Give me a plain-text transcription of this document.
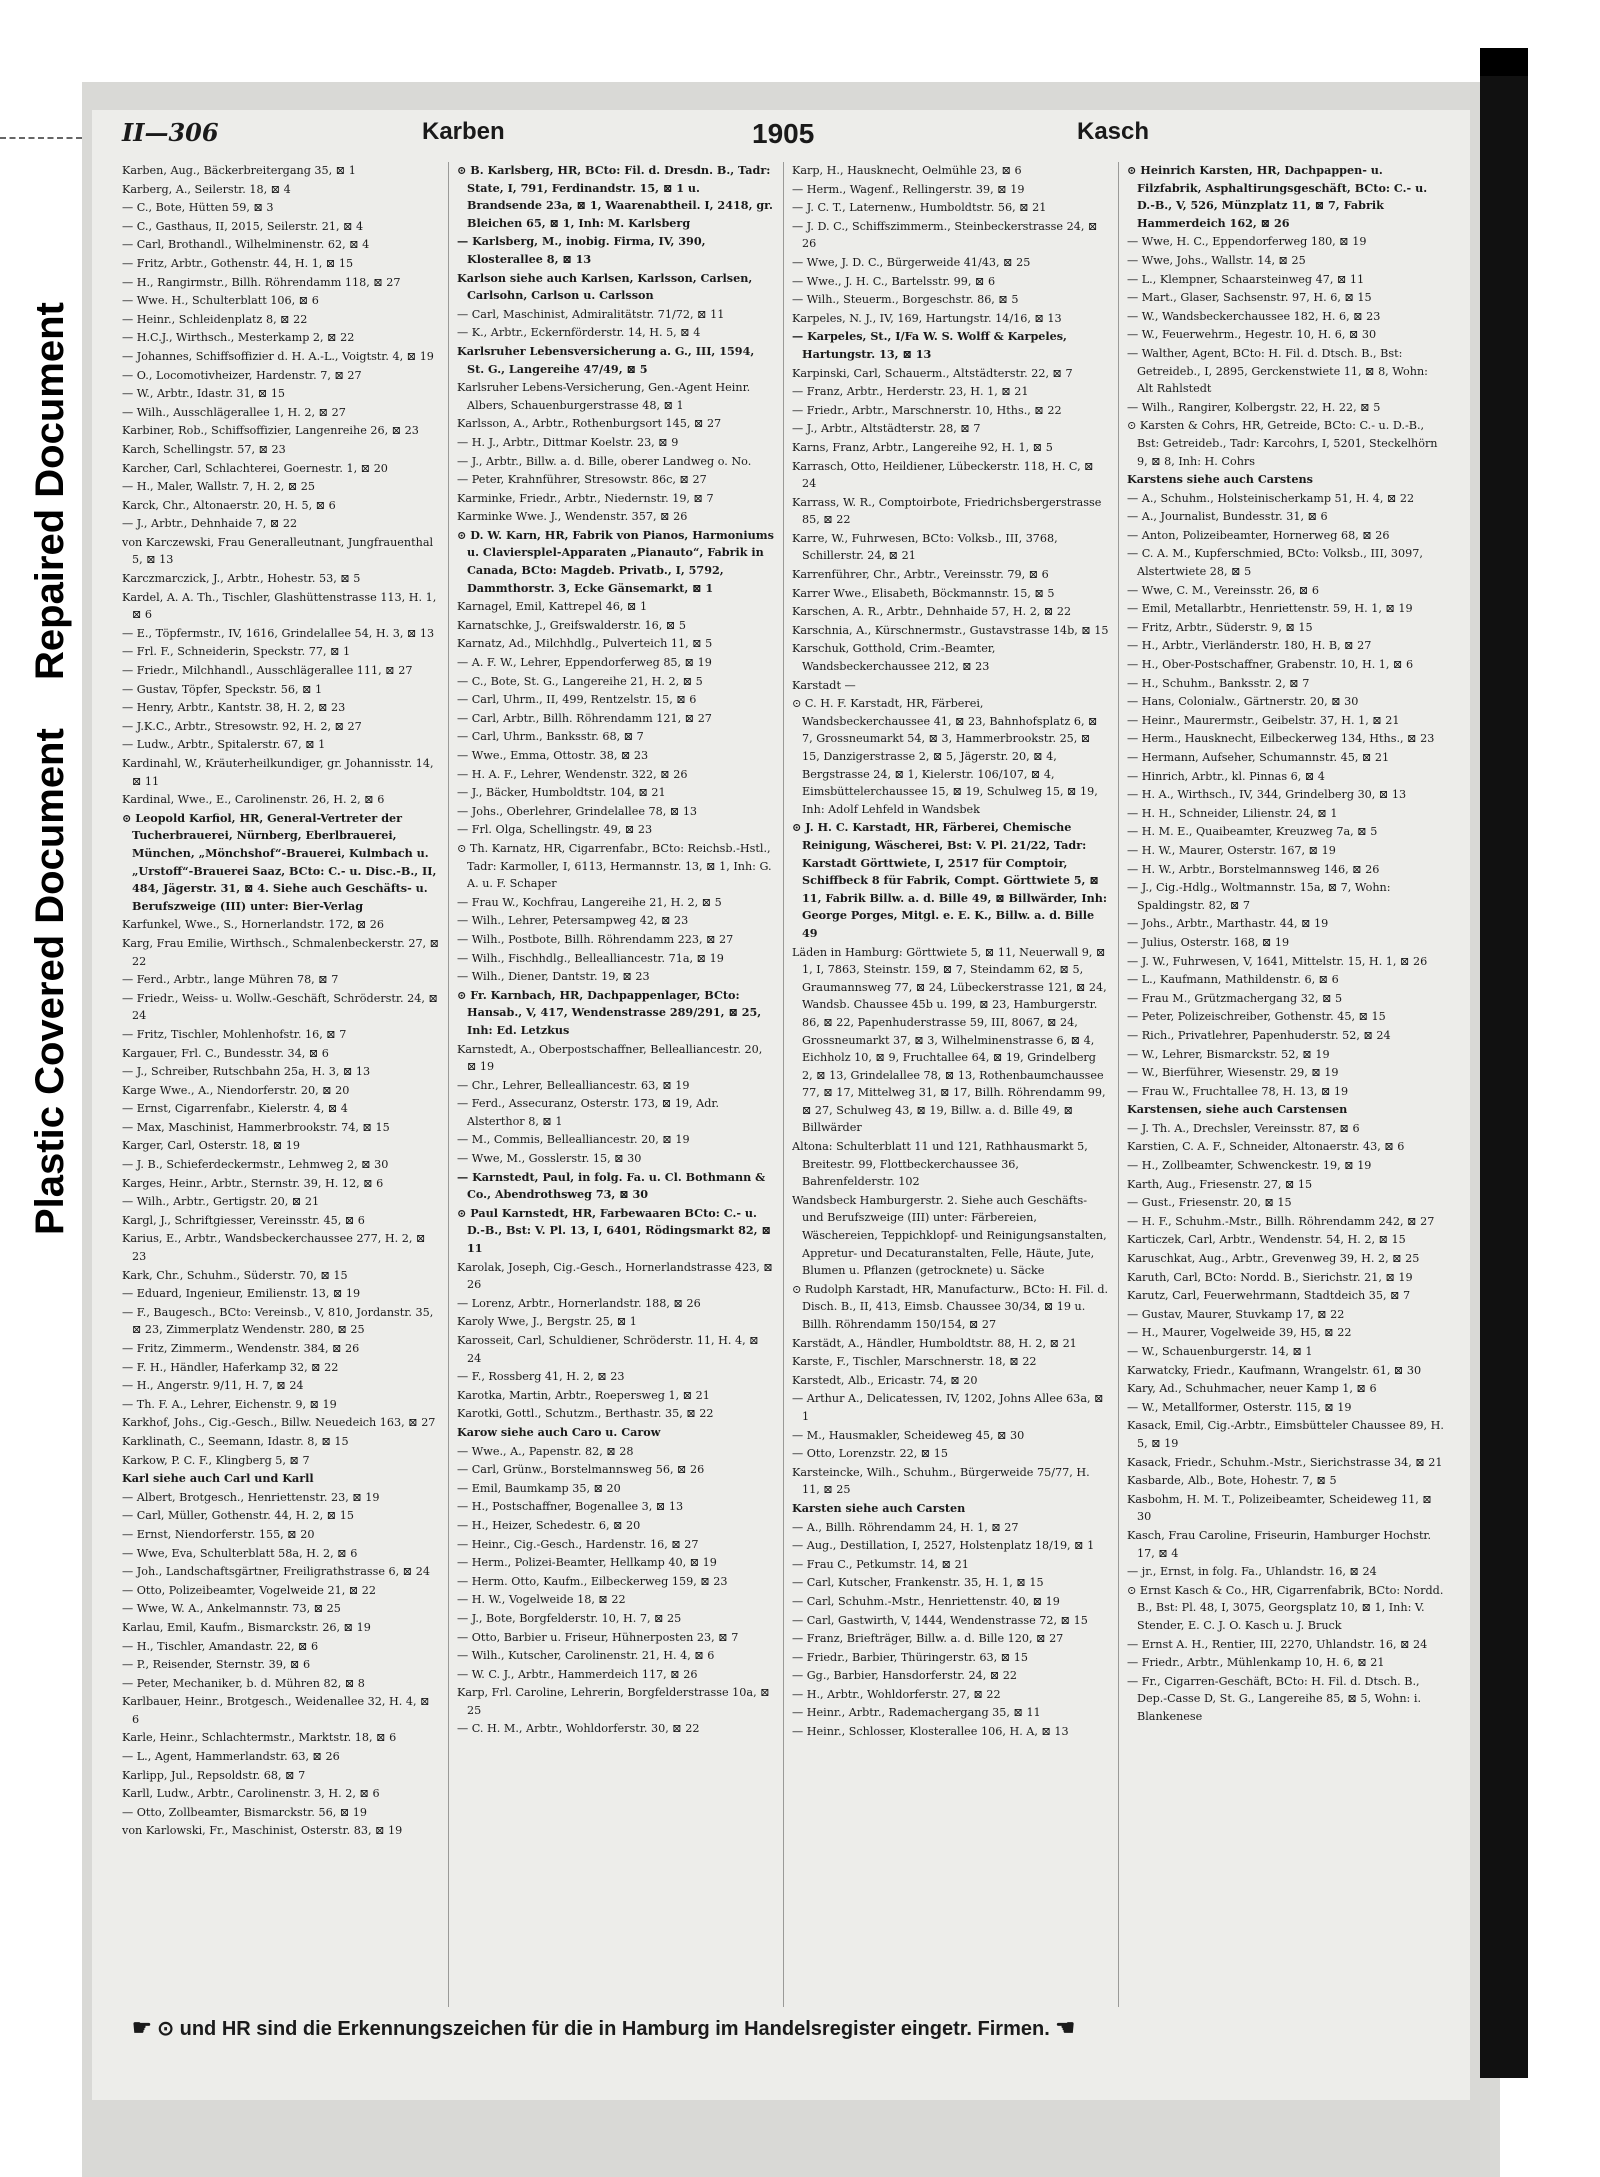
Repaired Document
Plastic Covered Document
II—306	Karben	1905	Kasch
Karben, Aug., Bäckerbreitergang 35, ⊠ 1
Karberg, A., Seilerstr. 18, ⊠ 4
— C., Bote, Hütten 59, ⊠ 3
— C., Gasthaus, II, 2015, Seilerstr. 21, ⊠ 4
— Carl, Brothandl., Wilhelminenstr. 62, ⊠ 4
— Fritz, Arbtr., Gothenstr. 44, H. 1, ⊠ 15
— H., Rangirmstr., Billh. Röhrendamm 118, ⊠ 27
— Wwe. H., Schulterblatt 106, ⊠ 6
— Heinr., Schleidenplatz 8, ⊠ 22
— H.C.J., Wirthsch., Mesterkamp 2, ⊠ 22
— Johannes, Schiffsoffizier d. H. A.-L., Voigtstr. 4, ⊠ 19
— O., Locomotivheizer, Hardenstr. 7, ⊠ 27
— W., Arbtr., Idastr. 31, ⊠ 15
— Wilh., Ausschlägerallee 1, H. 2, ⊠ 27
Karbiner, Rob., Schiffsoffizier, Langenreihe 26, ⊠ 23
Karch, Schellingstr. 57, ⊠ 23
Karcher, Carl, Schlachterei, Goernestr. 1, ⊠ 20
— H., Maler, Wallstr. 7, H. 2, ⊠ 25
Karck, Chr., Altonaerstr. 20, H. 5, ⊠ 6
— J., Arbtr., Dehnhaide 7, ⊠ 22
von Karczewski, Frau Generalleutnant, Jungfrauenthal 5, ⊠ 13
Karczmarczick, J., Arbtr., Hohestr. 53, ⊠ 5
Kardel, A. A. Th., Tischler, Glashüttenstrasse 113, H. 1, ⊠ 6
— E., Töpfermstr., IV, 1616, Grindelallee 54, H. 3, ⊠ 13
— Frl. F., Schneiderin, Speckstr. 77, ⊠ 1
— Friedr., Milchhandl., Ausschlägerallee 111, ⊠ 27
— Gustav, Töpfer, Speckstr. 56, ⊠ 1
— Henry, Arbtr., Kantstr. 38, H. 2, ⊠ 23
— J.K.C., Arbtr., Stresowstr. 92, H. 2, ⊠ 27
— Ludw., Arbtr., Spitalerstr. 67, ⊠ 1
Kardinahl, W., Kräuterheilkundiger, gr. Johannisstr. 14, ⊠ 11
Kardinal, Wwe., E., Carolinenstr. 26, H. 2, ⊠ 6
⊙ Leopold Karfiol, HR, General-Vertreter der Tucherbrauerei, Nürnberg, Eberlbrauerei, München, „Mönchshof“-Brauerei, Kulmbach u. „Urstoff“-Brauerei Saaz, BCto: C.- u. Disc.-B., II, 484, Jägerstr. 31, ⊠ 4. Siehe auch Geschäfts- u. Berufszweige (III) unter: Bier-Verlag
Karfunkel, Wwe., S., Hornerlandstr. 172, ⊠ 26
Karg, Frau Emilie, Wirthsch., Schmalenbeckerstr. 27, ⊠ 22
— Ferd., Arbtr., lange Mühren 78, ⊠ 7
— Friedr., Weiss- u. Wollw.-Geschäft, Schröderstr. 24, ⊠ 24
— Fritz, Tischler, Mohlenhofstr. 16, ⊠ 7
Kargauer, Frl. C., Bundesstr. 34, ⊠ 6
— J., Schreiber, Rutschbahn 25a, H. 3, ⊠ 13
Karge Wwe., A., Niendorferstr. 20, ⊠ 20
— Ernst, Cigarrenfabr., Kielerstr. 4, ⊠ 4
— Max, Maschinist, Hammerbrookstr. 74, ⊠ 15
Karger, Carl, Osterstr. 18, ⊠ 19
— J. B., Schieferdeckermstr., Lehmweg 2, ⊠ 30
Karges, Heinr., Arbtr., Sternstr. 39, H. 12, ⊠ 6
— Wilh., Arbtr., Gertigstr. 20, ⊠ 21
Kargl, J., Schriftgiesser, Vereinsstr. 45, ⊠ 6
Karius, E., Arbtr., Wandsbeckerchaussee 277, H. 2, ⊠ 23
Kark, Chr., Schuhm., Süderstr. 70, ⊠ 15
— Eduard, Ingenieur, Emilienstr. 13, ⊠ 19
— F., Baugesch., BCto: Vereinsb., V, 810, Jordanstr. 35, ⊠ 23, Zimmerplatz Wendenstr. 280, ⊠ 25
— Fritz, Zimmerm., Wendenstr. 384, ⊠ 26
— F. H., Händler, Haferkamp 32, ⊠ 22
— H., Angerstr. 9/11, H. 7, ⊠ 24
— Th. F. A., Lehrer, Eichenstr. 9, ⊠ 19
Karkhof, Johs., Cig.-Gesch., Billw. Neuedeich 163, ⊠ 27
Karklinath, C., Seemann, Idastr. 8, ⊠ 15
Karkow, P. C. F., Klingberg 5, ⊠ 7
Karl siehe auch Carl und Karll
— Albert, Brotgesch., Henriettenstr. 23, ⊠ 19
— Carl, Müller, Gothenstr. 44, H. 2, ⊠ 15
— Ernst, Niendorferstr. 155, ⊠ 20
— Wwe, Eva, Schulterblatt 58a, H. 2, ⊠ 6
— Joh., Landschaftsgärtner, Freiligrathstrasse 6, ⊠ 24
— Otto, Polizeibeamter, Vogelweide 21, ⊠ 22
— Wwe, W. A., Ankelmannstr. 73, ⊠ 25
Karlau, Emil, Kaufm., Bismarckstr. 26, ⊠ 19
— H., Tischler, Amandastr. 22, ⊠ 6
— P., Reisender, Sternstr. 39, ⊠ 6
— Peter, Mechaniker, b. d. Mühren 82, ⊠ 8
Karlbauer, Heinr., Brotgesch., Weidenallee 32, H. 4, ⊠ 6
Karle, Heinr., Schlachtermstr., Marktstr. 18, ⊠ 6
— L., Agent, Hammerlandstr. 63, ⊠ 26
Karlipp, Jul., Repsoldstr. 68, ⊠ 7
Karll, Ludw., Arbtr., Carolinenstr. 3, H. 2, ⊠ 6
— Otto, Zollbeamter, Bismarckstr. 56, ⊠ 19
von Karlowski, Fr., Maschinist, Osterstr. 83, ⊠ 19
⊙ B. Karlsberg, HR, BCto: Fil. d. Dresdn. B., Tadr: State, I, 791, Ferdinandstr. 15, ⊠ 1 u. Brandsende 23a, ⊠ 1, Waarenabtheil. I, 2418, gr. Bleichen 65, ⊠ 1, Inh: M. Karlsberg
— Karlsberg, M., inobig. Firma, IV, 390, Klosterallee 8, ⊠ 13
Karlson siehe auch Karlsen, Karlsson, Carlsen, Carlsohn, Carlson u. Carlsson
— Carl, Maschinist, Admiralitätstr. 71/72, ⊠ 11
— K., Arbtr., Eckernförderstr. 14, H. 5, ⊠ 4
Karlsruher Lebensversicherung a. G., III, 1594, St. G., Langereihe 47/49, ⊠ 5
Karlsruher Lebens-Versicherung, Gen.-Agent Heinr. Albers, Schauenburgerstrasse 48, ⊠ 1
Karlsson, A., Arbtr., Rothenburgsort 145, ⊠ 27
— H. J., Arbtr., Dittmar Koelstr. 23, ⊠ 9
— J., Arbtr., Billw. a. d. Bille, oberer Landweg o. No.
— Peter, Krahnführer, Stresowstr. 86c, ⊠ 27
Karminke, Friedr., Arbtr., Niedernstr. 19, ⊠ 7
Karminke Wwe. J., Wendenstr. 357, ⊠ 26
⊙ D. W. Karn, HR, Fabrik von Pianos, Harmoniums u. Claviersplel-Apparaten „Pianauto“, Fabrik in Canada, BCto: Magdeb. Privatb., I, 5792, Dammthorstr. 3, Ecke Gänsemarkt, ⊠ 1
Karnagel, Emil, Kattrepel 46, ⊠ 1
Karnatschke, J., Greifswalderstr. 16, ⊠ 5
Karnatz, Ad., Milchhdlg., Pulverteich 11, ⊠ 5
— A. F. W., Lehrer, Eppendorferweg 85, ⊠ 19
— C., Bote, St. G., Langereihe 21, H. 2, ⊠ 5
— Carl, Uhrm., II, 499, Rentzelstr. 15, ⊠ 6
— Carl, Arbtr., Billh. Röhrendamm 121, ⊠ 27
— Carl, Uhrm., Banksstr. 68, ⊠ 7
— Wwe., Emma, Ottostr. 38, ⊠ 23
— H. A. F., Lehrer, Wendenstr. 322, ⊠ 26
— J., Bäcker, Humboldtstr. 104, ⊠ 21
— Johs., Oberlehrer, Grindelallee 78, ⊠ 13
— Frl. Olga, Schellingstr. 49, ⊠ 23
⊙ Th. Karnatz, HR, Cigarrenfabr., BCto: Reichsb.-Hstl., Tadr: Karmoller, I, 6113, Hermannstr. 13, ⊠ 1, Inh: G. A. u. F. Schaper
— Frau W., Kochfrau, Langereihe 21, H. 2, ⊠ 5
— Wilh., Lehrer, Petersampweg 42, ⊠ 23
— Wilh., Postbote, Billh. Röhrendamm 223, ⊠ 27
— Wilh., Fischhdlg., Bellealliancestr. 71a, ⊠ 19
— Wilh., Diener, Dantstr. 19, ⊠ 23
⊙ Fr. Karnbach, HR, Dachpappenlager, BCto: Hansab., V, 417, Wendenstrasse 289/291, ⊠ 25, Inh: Ed. Letzkus
Karnstedt, A., Oberpostschaffner, Bellealliancestr. 20, ⊠ 19
— Chr., Lehrer, Bellealliancestr. 63, ⊠ 19
— Ferd., Assecuranz, Osterstr. 173, ⊠ 19, Adr. Alsterthor 8, ⊠ 1
— M., Commis, Bellealliancestr. 20, ⊠ 19
— Wwe, M., Gosslerstr. 15, ⊠ 30
— Karnstedt, Paul, in folg. Fa. u. Cl. Bothmann & Co., Abendrothsweg 73, ⊠ 30
⊙ Paul Karnstedt, HR, Farbewaaren BCto: C.- u. D.-B., Bst: V. Pl. 13, I, 6401, Rödingsmarkt 82, ⊠ 11
Karolak, Joseph, Cig.-Gesch., Hornerlandstrasse 423, ⊠ 26
— Lorenz, Arbtr., Hornerlandstr. 188, ⊠ 26
Karoly Wwe, J., Bergstr. 25, ⊠ 1
Karosseit, Carl, Schuldiener, Schröderstr. 11, H. 4, ⊠ 24
— F., Rossberg 41, H. 2, ⊠ 23
Karotka, Martin, Arbtr., Roepersweg 1, ⊠ 21
Karotki, Gottl., Schutzm., Berthastr. 35, ⊠ 22
Karow siehe auch Caro u. Carow
— Wwe., A., Papenstr. 82, ⊠ 28
— Carl, Grünw., Borstelmannsweg 56, ⊠ 26
— Emil, Baumkamp 35, ⊠ 20
— H., Postschaffner, Bogenallee 3, ⊠ 13
— H., Heizer, Schedestr. 6, ⊠ 20
— Heinr., Cig.-Gesch., Hardenstr. 16, ⊠ 27
— Herm., Polizei-Beamter, Hellkamp 40, ⊠ 19
— Herm. Otto, Kaufm., Eilbeckerweg 159, ⊠ 23
— H. W., Vogelweide 18, ⊠ 22
— J., Bote, Borgfelderstr. 10, H. 7, ⊠ 25
— Otto, Barbier u. Friseur, Hühnerposten 23, ⊠ 7
— Wilh., Kutscher, Carolinenstr. 21, H. 4, ⊠ 6
— W. C. J., Arbtr., Hammerdeich 117, ⊠ 26
Karp, Frl. Caroline, Lehrerin, Borgfelderstrasse 10a, ⊠ 25
— C. H. M., Arbtr., Wohldorferstr. 30, ⊠ 22
Karp, H., Hausknecht, Oelmühle 23, ⊠ 6
— Herm., Wagenf., Rellingerstr. 39, ⊠ 19
— J. C. T., Laternenw., Humboldtstr. 56, ⊠ 21
— J. D. C., Schiffszimmerm., Steinbeckerstrasse 24, ⊠ 26
— Wwe, J. D. C., Bürgerweide 41/43, ⊠ 25
— Wwe., J. H. C., Bartelsstr. 99, ⊠ 6
— Wilh., Steuerm., Borgeschstr. 86, ⊠ 5
Karpeles, N. J., IV, 169, Hartungstr. 14/16, ⊠ 13
— Karpeles, St., I/Fa W. S. Wolff & Karpeles, Hartungstr. 13, ⊠ 13
Karpinski, Carl, Schauerm., Altstädterstr. 22, ⊠ 7
— Franz, Arbtr., Herderstr. 23, H. 1, ⊠ 21
— Friedr., Arbtr., Marschnerstr. 10, Hths., ⊠ 22
— J., Arbtr., Altstädterstr. 28, ⊠ 7
Karns, Franz, Arbtr., Langereihe 92, H. 1, ⊠ 5
Karrasch, Otto, Heildiener, Lübeckerstr. 118, H. C, ⊠ 24
Karrass, W. R., Comptoirbote, Friedrichsbergerstrasse 85, ⊠ 22
Karre, W., Fuhrwesen, BCto: Volksb., III, 3768, Schillerstr. 24, ⊠ 21
Karrenführer, Chr., Arbtr., Vereinsstr. 79, ⊠ 6
Karrer Wwe., Elisabeth, Böckmannstr. 15, ⊠ 5
Karschen, A. R., Arbtr., Dehnhaide 57, H. 2, ⊠ 22
Karschnia, A., Kürschnermstr., Gustavstrasse 14b, ⊠ 15
Karschuk, Gotthold, Crim.-Beamter, Wandsbeckerchaussee 212, ⊠ 23
Karstadt —
⊙ C. H. F. Karstadt, HR, Färberei, Wandsbeckerchaussee 41, ⊠ 23, Bahnhofsplatz 6, ⊠ 7, Grossneumarkt 54, ⊠ 3, Hammerbrookstr. 25, ⊠ 15, Danzigerstrasse 2, ⊠ 5, Jägerstr. 20, ⊠ 4, Bergstrasse 24, ⊠ 1, Kielerstr. 106/107, ⊠ 4, Eimsbüttelerchaussee 15, ⊠ 19, Schulweg 15, ⊠ 19, Inh: Adolf Lehfeld in Wandsbek
⊙ J. H. C. Karstadt, HR, Färberei, Chemische Reinigung, Wäscherei, Bst: V. Pl. 21/22, Tadr: Karstadt Görttwiete, I, 2517 für Comptoir, Schiffbeck 8 für Fabrik, Compt. Görttwiete 5, ⊠ 11, Fabrik Billw. a. d. Bille 49, ⊠ Billwärder, Inh: George Porges, Mitgl. e. E. K., Billw. a. d. Bille 49
Läden in Hamburg: Görttwiete 5, ⊠ 11, Neuerwall 9, ⊠ 1, I, 7863, Steinstr. 159, ⊠ 7, Steindamm 62, ⊠ 5, Graumannsweg 77, ⊠ 24, Lübeckerstrasse 121, ⊠ 24, Wandsb. Chaussee 45b u. 199, ⊠ 23, Hamburgerstr. 86, ⊠ 22, Papenhuderstrasse 59, III, 8067, ⊠ 24, Grossneumarkt 37, ⊠ 3, Wilhelminenstrasse 6, ⊠ 4, Eichholz 10, ⊠ 9, Fruchtallee 64, ⊠ 19, Grindelberg 2, ⊠ 13, Grindelallee 78, ⊠ 13, Rothenbaumchaussee 77, ⊠ 17, Mittelweg 31, ⊠ 17, Billh. Röhrendamm 99, ⊠ 27, Schulweg 43, ⊠ 19, Billw. a. d. Bille 49, ⊠ Billwärder
Altona: Schulterblatt 11 und 121, Rathhausmarkt 5, Breitestr. 99, Flottbeckerchaussee 36, Bahrenfelderstr. 102
Wandsbeck Hamburgerstr. 2. Siehe auch Geschäfts- und Berufszweige (III) unter: Färbereien, Wäschereien, Teppichklopf- und Reinigungsanstalten, Appretur- und Decaturanstalten, Felle, Häute, Jute, Blumen u. Pflanzen (getrocknete) u. Säcke
⊙ Rudolph Karstadt, HR, Manufacturw., BCto: H. Fil. d. Disch. B., II, 413, Eimsb. Chaussee 30/34, ⊠ 19 u. Billh. Röhrendamm 150/154, ⊠ 27
Karstädt, A., Händler, Humboldtstr. 88, H. 2, ⊠ 21
Karste, F., Tischler, Marschnerstr. 18, ⊠ 22
Karstedt, Alb., Ericastr. 74, ⊠ 20
— Arthur A., Delicatessen, IV, 1202, Johns Allee 63a, ⊠ 1
— M., Hausmakler, Scheideweg 45, ⊠ 30
— Otto, Lorenzstr. 22, ⊠ 15
Karsteincke, Wilh., Schuhm., Bürgerweide 75/77, H. 11, ⊠ 25
Karsten siehe auch Carsten
— A., Billh. Röhrendamm 24, H. 1, ⊠ 27
— Aug., Destillation, I, 2527, Holstenplatz 18/19, ⊠ 1
— Frau C., Petkumstr. 14, ⊠ 21
— Carl, Kutscher, Frankenstr. 35, H. 1, ⊠ 15
— Carl, Schuhm.-Mstr., Henriettenstr. 40, ⊠ 19
— Carl, Gastwirth, V, 1444, Wendenstrasse 72, ⊠ 15
— Franz, Briefträger, Billw. a. d. Bille 120, ⊠ 27
— Friedr., Barbier, Thüringerstr. 63, ⊠ 15
— Gg., Barbier, Hansdorferstr. 24, ⊠ 22
— H., Arbtr., Wohldorferstr. 27, ⊠ 22
— Heinr., Arbtr., Rademachergang 35, ⊠ 11
— Heinr., Schlosser, Klosterallee 106, H. A, ⊠ 13
⊙ Heinrich Karsten, HR, Dachpappen- u. Filzfabrik, Asphaltirungsgeschäft, BCto: C.- u. D.-B., V, 526, Münzplatz 11, ⊠ 7, Fabrik Hammerdeich 162, ⊠ 26
— Wwe, H. C., Eppendorferweg 180, ⊠ 19
— Wwe, Johs., Wallstr. 14, ⊠ 25
— L., Klempner, Schaarsteinweg 47, ⊠ 11
— Mart., Glaser, Sachsenstr. 97, H. 6, ⊠ 15
— W., Wandsbeckerchaussee 182, H. 6, ⊠ 23
— W., Feuerwehrm., Hegestr. 10, H. 6, ⊠ 30
— Walther, Agent, BCto: H. Fil. d. Dtsch. B., Bst: Getreideb., I, 2895, Gerckenstwiete 11, ⊠ 8, Wohn: Alt Rahlstedt
— Wilh., Rangirer, Kolbergstr. 22, H. 22, ⊠ 5
⊙ Karsten & Cohrs, HR, Getreide, BCto: C.- u. D.-B., Bst: Getreideb., Tadr: Karcohrs, I, 5201, Steckelhörn 9, ⊠ 8, Inh: H. Cohrs
Karstens siehe auch Carstens
— A., Schuhm., Holsteinischerkamp 51, H. 4, ⊠ 22
— A., Journalist, Bundesstr. 31, ⊠ 6
— Anton, Polizeibeamter, Hornerweg 68, ⊠ 26
— C. A. M., Kupferschmied, BCto: Volksb., III, 3097, Alstertwiete 28, ⊠ 5
— Wwe, C. M., Vereinsstr. 26, ⊠ 6
— Emil, Metallarbtr., Henriettenstr. 59, H. 1, ⊠ 19
— Fritz, Arbtr., Süderstr. 9, ⊠ 15
— H., Arbtr., Vierländerstr. 180, H. B, ⊠ 27
— H., Ober-Postschaffner, Grabenstr. 10, H. 1, ⊠ 6
— H., Schuhm., Banksstr. 2, ⊠ 7
— Hans, Colonialw., Gärtnerstr. 20, ⊠ 30
— Heinr., Maurermstr., Geibelstr. 37, H. 1, ⊠ 21
— Herm., Hausknecht, Eilbeckerweg 134, Hths., ⊠ 23
— Hermann, Aufseher, Schumannstr. 45, ⊠ 21
— Hinrich, Arbtr., kl. Pinnas 6, ⊠ 4
— H. A., Wirthsch., IV, 344, Grindelberg 30, ⊠ 13
— H. H., Schneider, Lilienstr. 24, ⊠ 1
— H. M. E., Quaibeamter, Kreuzweg 7a, ⊠ 5
— H. W., Maurer, Osterstr. 167, ⊠ 19
— H. W., Arbtr., Borstelmannsweg 146, ⊠ 26
— J., Cig.-Hdlg., Woltmannstr. 15a, ⊠ 7, Wohn: Spaldingstr. 82, ⊠ 7
— Johs., Arbtr., Marthastr. 44, ⊠ 19
— Julius, Osterstr. 168, ⊠ 19
— J. W., Fuhrwesen, V, 1641, Mittelstr. 15, H. 1, ⊠ 26
— L., Kaufmann, Mathildenstr. 6, ⊠ 6
— Frau M., Grützmachergang 32, ⊠ 5
— Peter, Polizeischreiber, Gothenstr. 45, ⊠ 15
— Rich., Privatlehrer, Papenhuderstr. 52, ⊠ 24
— W., Lehrer, Bismarckstr. 52, ⊠ 19
— W., Bierführer, Wiesenstr. 29, ⊠ 19
— Frau W., Fruchtallee 78, H. 13, ⊠ 19
Karstensen, siehe auch Carstensen
— J. Th. A., Drechsler, Vereinsstr. 87, ⊠ 6
Karstien, C. A. F., Schneider, Altonaerstr. 43, ⊠ 6
— H., Zollbeamter, Schwenckestr. 19, ⊠ 19
Karth, Aug., Friesenstr. 27, ⊠ 15
— Gust., Friesenstr. 20, ⊠ 15
— H. F., Schuhm.-Mstr., Billh. Röhrendamm 242, ⊠ 27
Karticzek, Carl, Arbtr., Wendenstr. 54, H. 2, ⊠ 15
Karuschkat, Aug., Arbtr., Grevenweg 39, H. 2, ⊠ 25
Karuth, Carl, BCto: Nordd. B., Sierichstr. 21, ⊠ 19
Karutz, Carl, Feuerwehrmann, Stadtdeich 35, ⊠ 7
— Gustav, Maurer, Stuvkamp 17, ⊠ 22
— H., Maurer, Vogelweide 39, H5, ⊠ 22
— W., Schauenburgerstr. 14, ⊠ 1
Karwatcky, Friedr., Kaufmann, Wrangelstr. 61, ⊠ 30
Kary, Ad., Schuhmacher, neuer Kamp 1, ⊠ 6
— W., Metallformer, Osterstr. 115, ⊠ 19
Kasack, Emil, Cig.-Arbtr., Eimsbütteler Chaussee 89, H. 5, ⊠ 19
Kasack, Friedr., Schuhm.-Mstr., Sierichstrasse 34, ⊠ 21
Kasbarde, Alb., Bote, Hohestr. 7, ⊠ 5
Kasbohm, H. M. T., Polizeibeamter, Scheideweg 11, ⊠ 30
Kasch, Frau Caroline, Friseurin, Hamburger Hochstr. 17, ⊠ 4
— jr., Ernst, in folg. Fa., Uhlandstr. 16, ⊠ 24
⊙ Ernst Kasch & Co., HR, Cigarrenfabrik, BCto: Nordd. B., Bst: Pl. 48, I, 3075, Georgsplatz 10, ⊠ 1, Inh: V. Stender, E. C. J. O. Kasch u. J. Bruck
— Ernst A. H., Rentier, III, 2270, Uhlandstr. 16, ⊠ 24
— Friedr., Arbtr., Mühlenkamp 10, H. 6, ⊠ 21
— Fr., Cigarren-Geschäft, BCto: H. Fil. d. Dtsch. B., Dep.-Casse D, St. G., Langereihe 85, ⊠ 5, Wohn: i. Blankenese
☛ ⊙ und HR sind die Erkennungszeichen für die in Hamburg im Handelsregister eingetr. Firmen. ☚
